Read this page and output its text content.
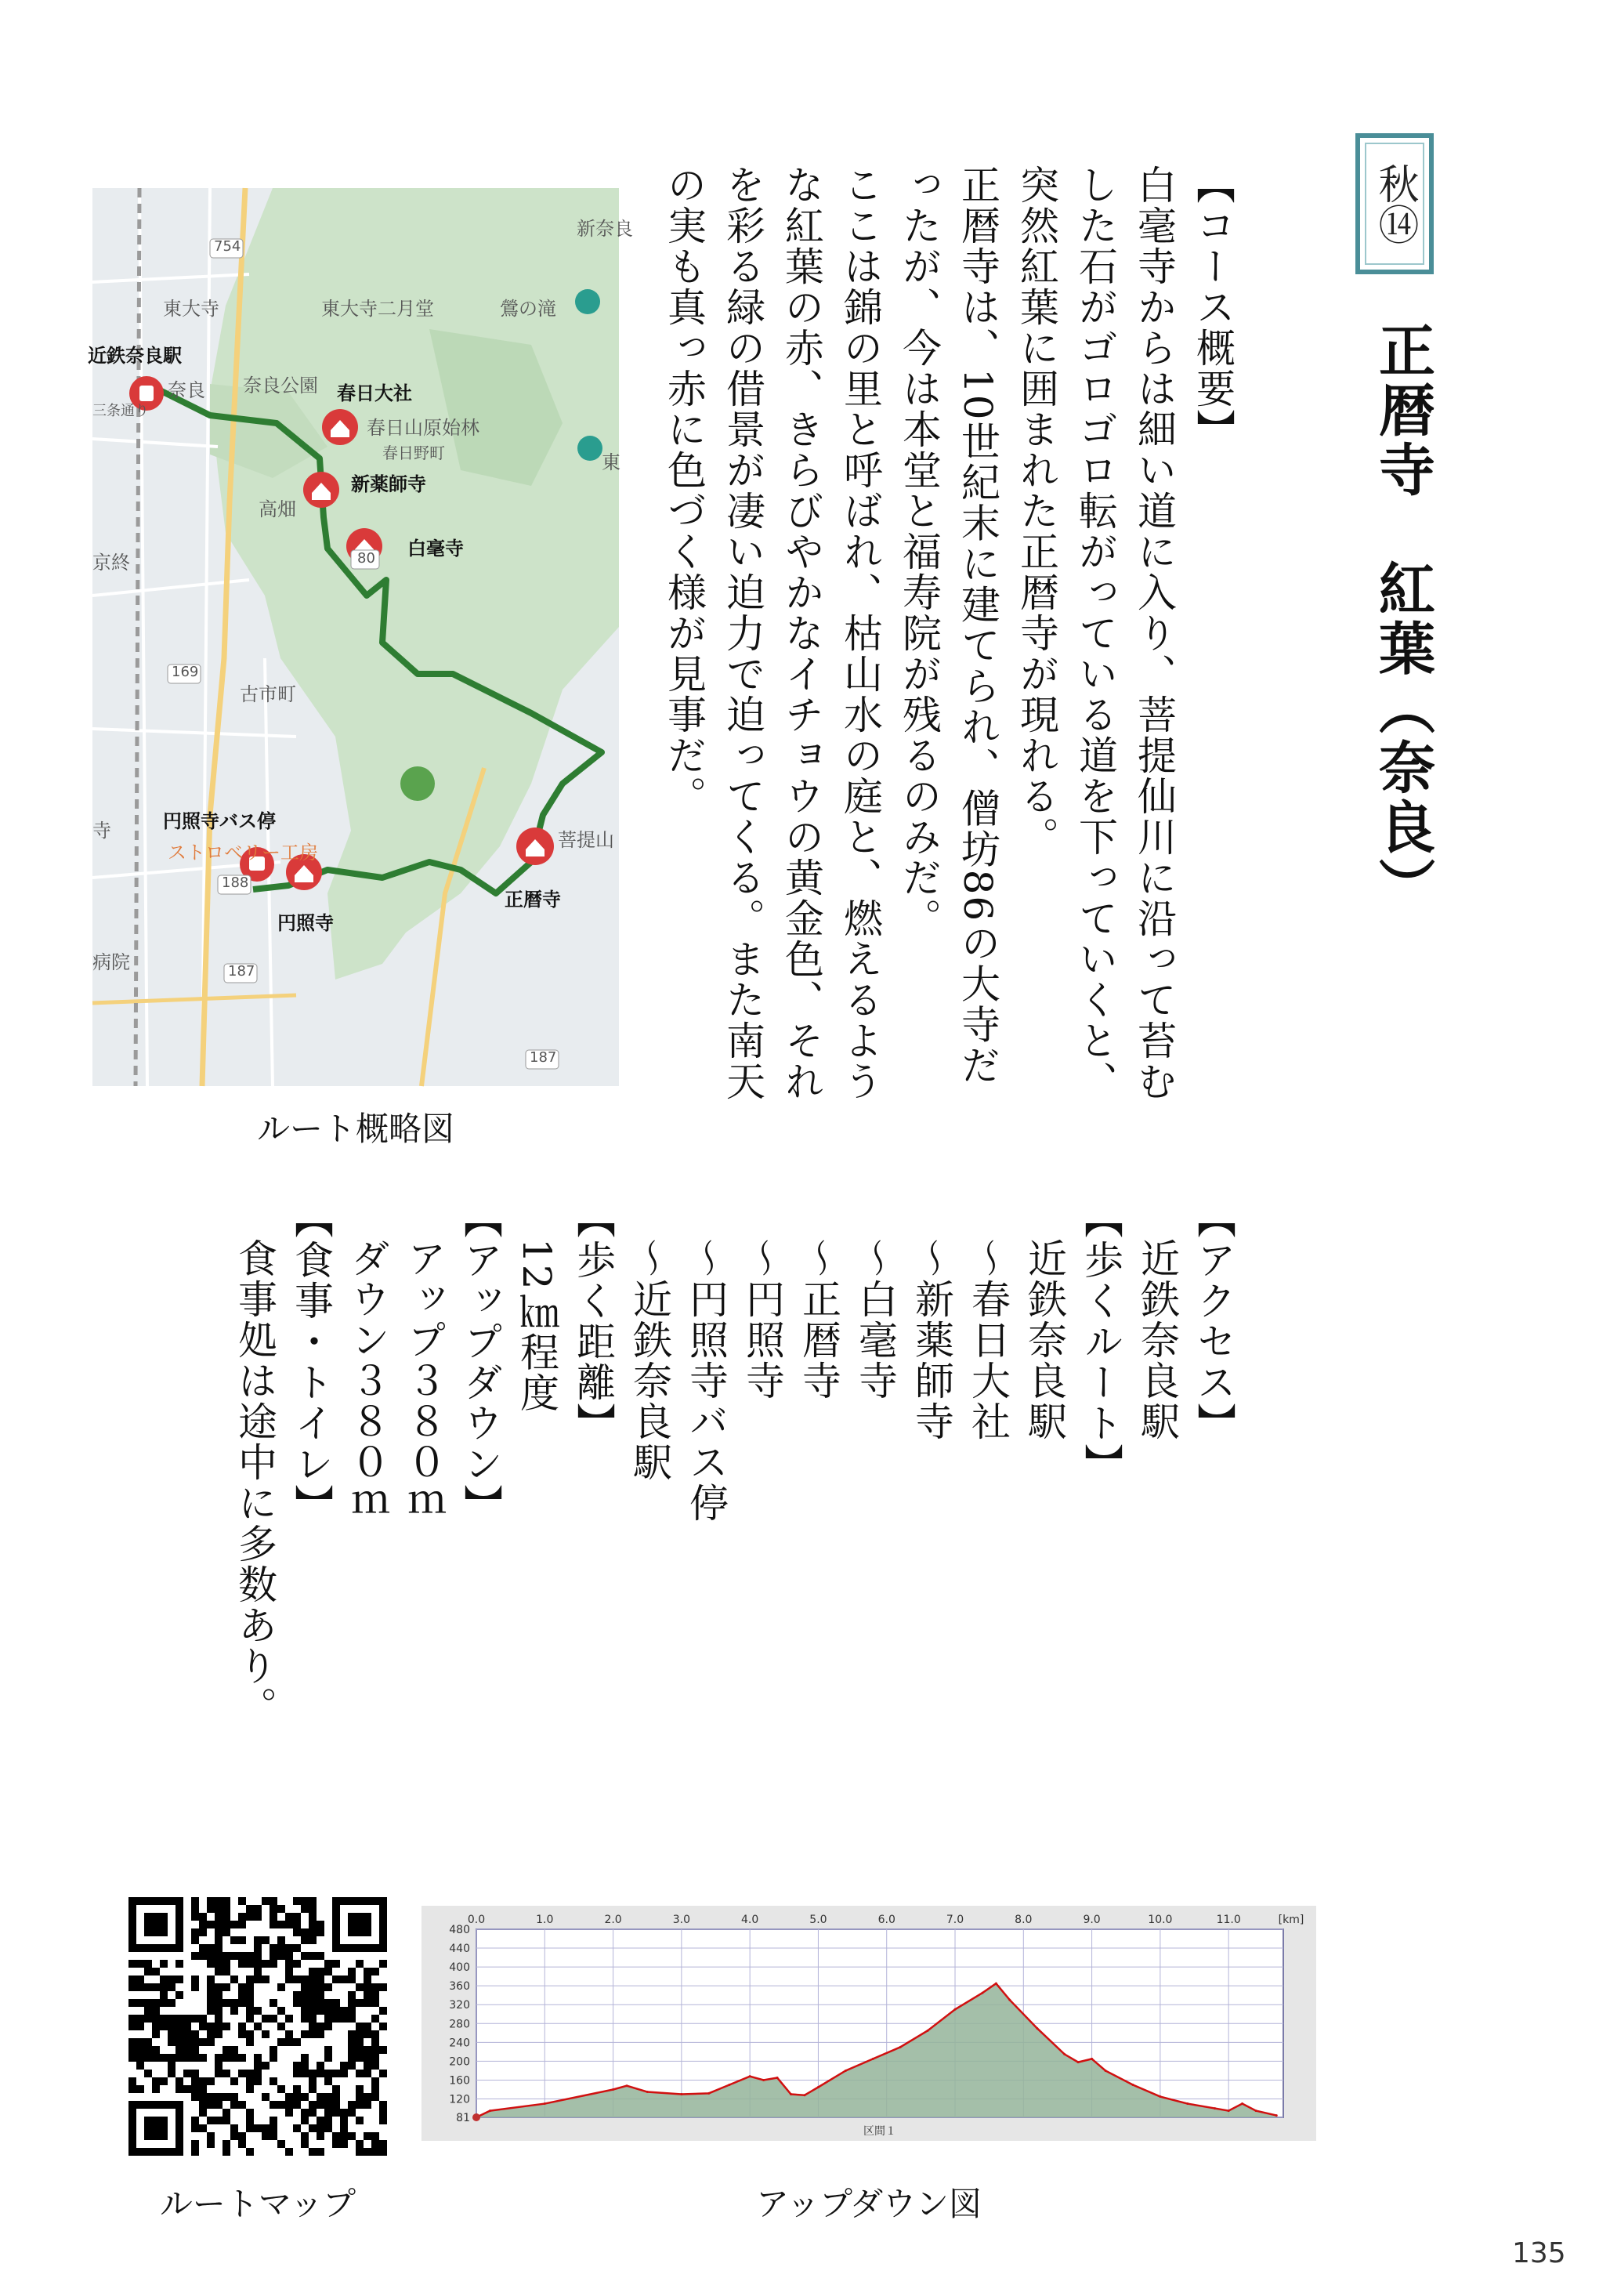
秋⑭
正暦寺　紅葉（奈良）

【コース概要】

白毫寺からは細い道に入り、菩提仙川に沿って苔むした石がゴロゴロ転がっている道を下っていくと、突然紅葉に囲まれた正暦寺が現れる。

正暦寺は、10世紀末に建てられ、僧坊86の大寺だったが、今は本堂と福寿院が残るのみだ。

ここは錦の里と呼ばれ、枯山水の庭と、燃えるような紅葉の赤、きらびやかなイチョウの黄金色、それを彩る緑の借景が凄い迫力で迫ってくる。また南天の実も真っ赤に色づく様が見事だ。

【アクセス】

近鉄奈良駅

【歩くルート】

近鉄奈良駅

～春日大社

～新薬師寺

～白毫寺

～正暦寺

～円照寺

～円照寺バス停

～近鉄奈良駅

【歩く距離】

12㎞程度

【アップダウン】

アップ３８０ｍ

ダウン３８０ｍ

【食事・トイレ】

食事処は途中に多数あり。

754
80
169
188
187
187
新奈良
東大寺	東大寺二月堂	鶯の滝
奈良 奈良公園
三条通り
春日山原始林
春日野町	東
高畑
京終
古市町
寺
ストロベリー工房
菩提山
病院
近鉄奈良駅
春日大社
新薬師寺
白毫寺
円照寺バス停
正暦寺
円照寺
ルート概略図
ルートマップ
480
440
400
360
320
280
240
200
160
120
81
0.0	1.0	2.0	3.0	4.0	5.0	6.0	7.0	8.0	9.0	10.0	11.0	[km]
区間１
アップダウン図
135
